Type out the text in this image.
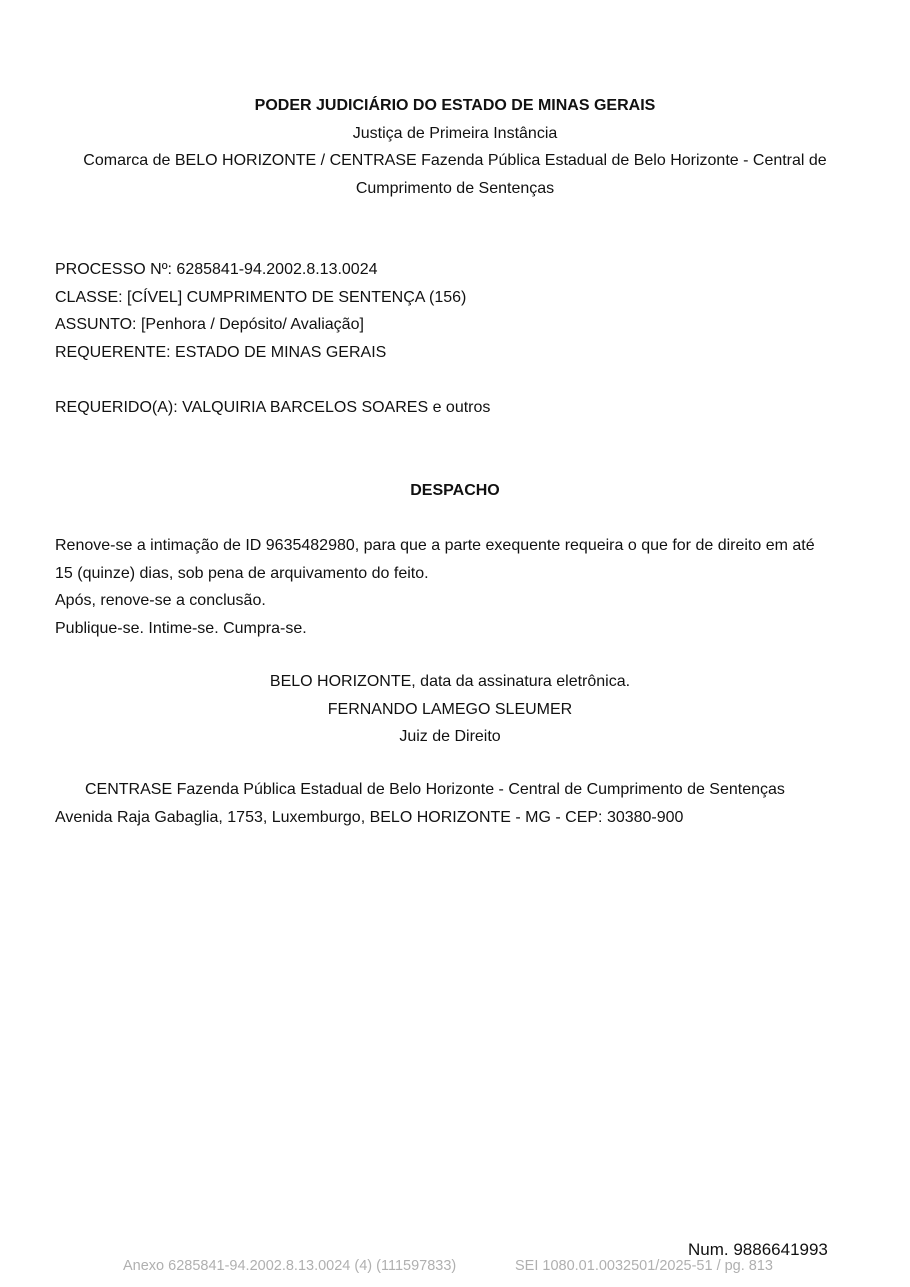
PODER JUDICIÁRIO DO ESTADO DE MINAS GERAIS
Justiça de Primeira Instância
Comarca de BELO HORIZONTE / CENTRASE Fazenda Pública Estadual de Belo Horizonte - Central de
Cumprimento de Sentenças
PROCESSO Nº: 6285841-94.2002.8.13.0024
CLASSE: [CÍVEL] CUMPRIMENTO DE SENTENÇA (156)
ASSUNTO: [Penhora / Depósito/ Avaliação]
REQUERENTE: ESTADO DE MINAS GERAIS
REQUERIDO(A): VALQUIRIA BARCELOS SOARES e outros
DESPACHO
Renove-se a intimação de ID 9635482980, para que a parte exequente requeira o que for de direito em até
15 (quinze) dias, sob pena de arquivamento do feito.
Após, renove-se a conclusão.
Publique-se. Intime-se. Cumpra-se.
BELO HORIZONTE, data da assinatura eletrônica.
FERNANDO LAMEGO SLEUMER
Juiz de Direito
CENTRASE Fazenda Pública Estadual de Belo Horizonte - Central de Cumprimento de Sentenças
Avenida Raja Gabaglia, 1753, Luxemburgo, BELO HORIZONTE - MG - CEP: 30380-900
Num. 9886641993
Anexo 6285841-94.2002.8.13.0024 (4) (111597833)	SEI 1080.01.0032501/2025-51 / pg. 813
